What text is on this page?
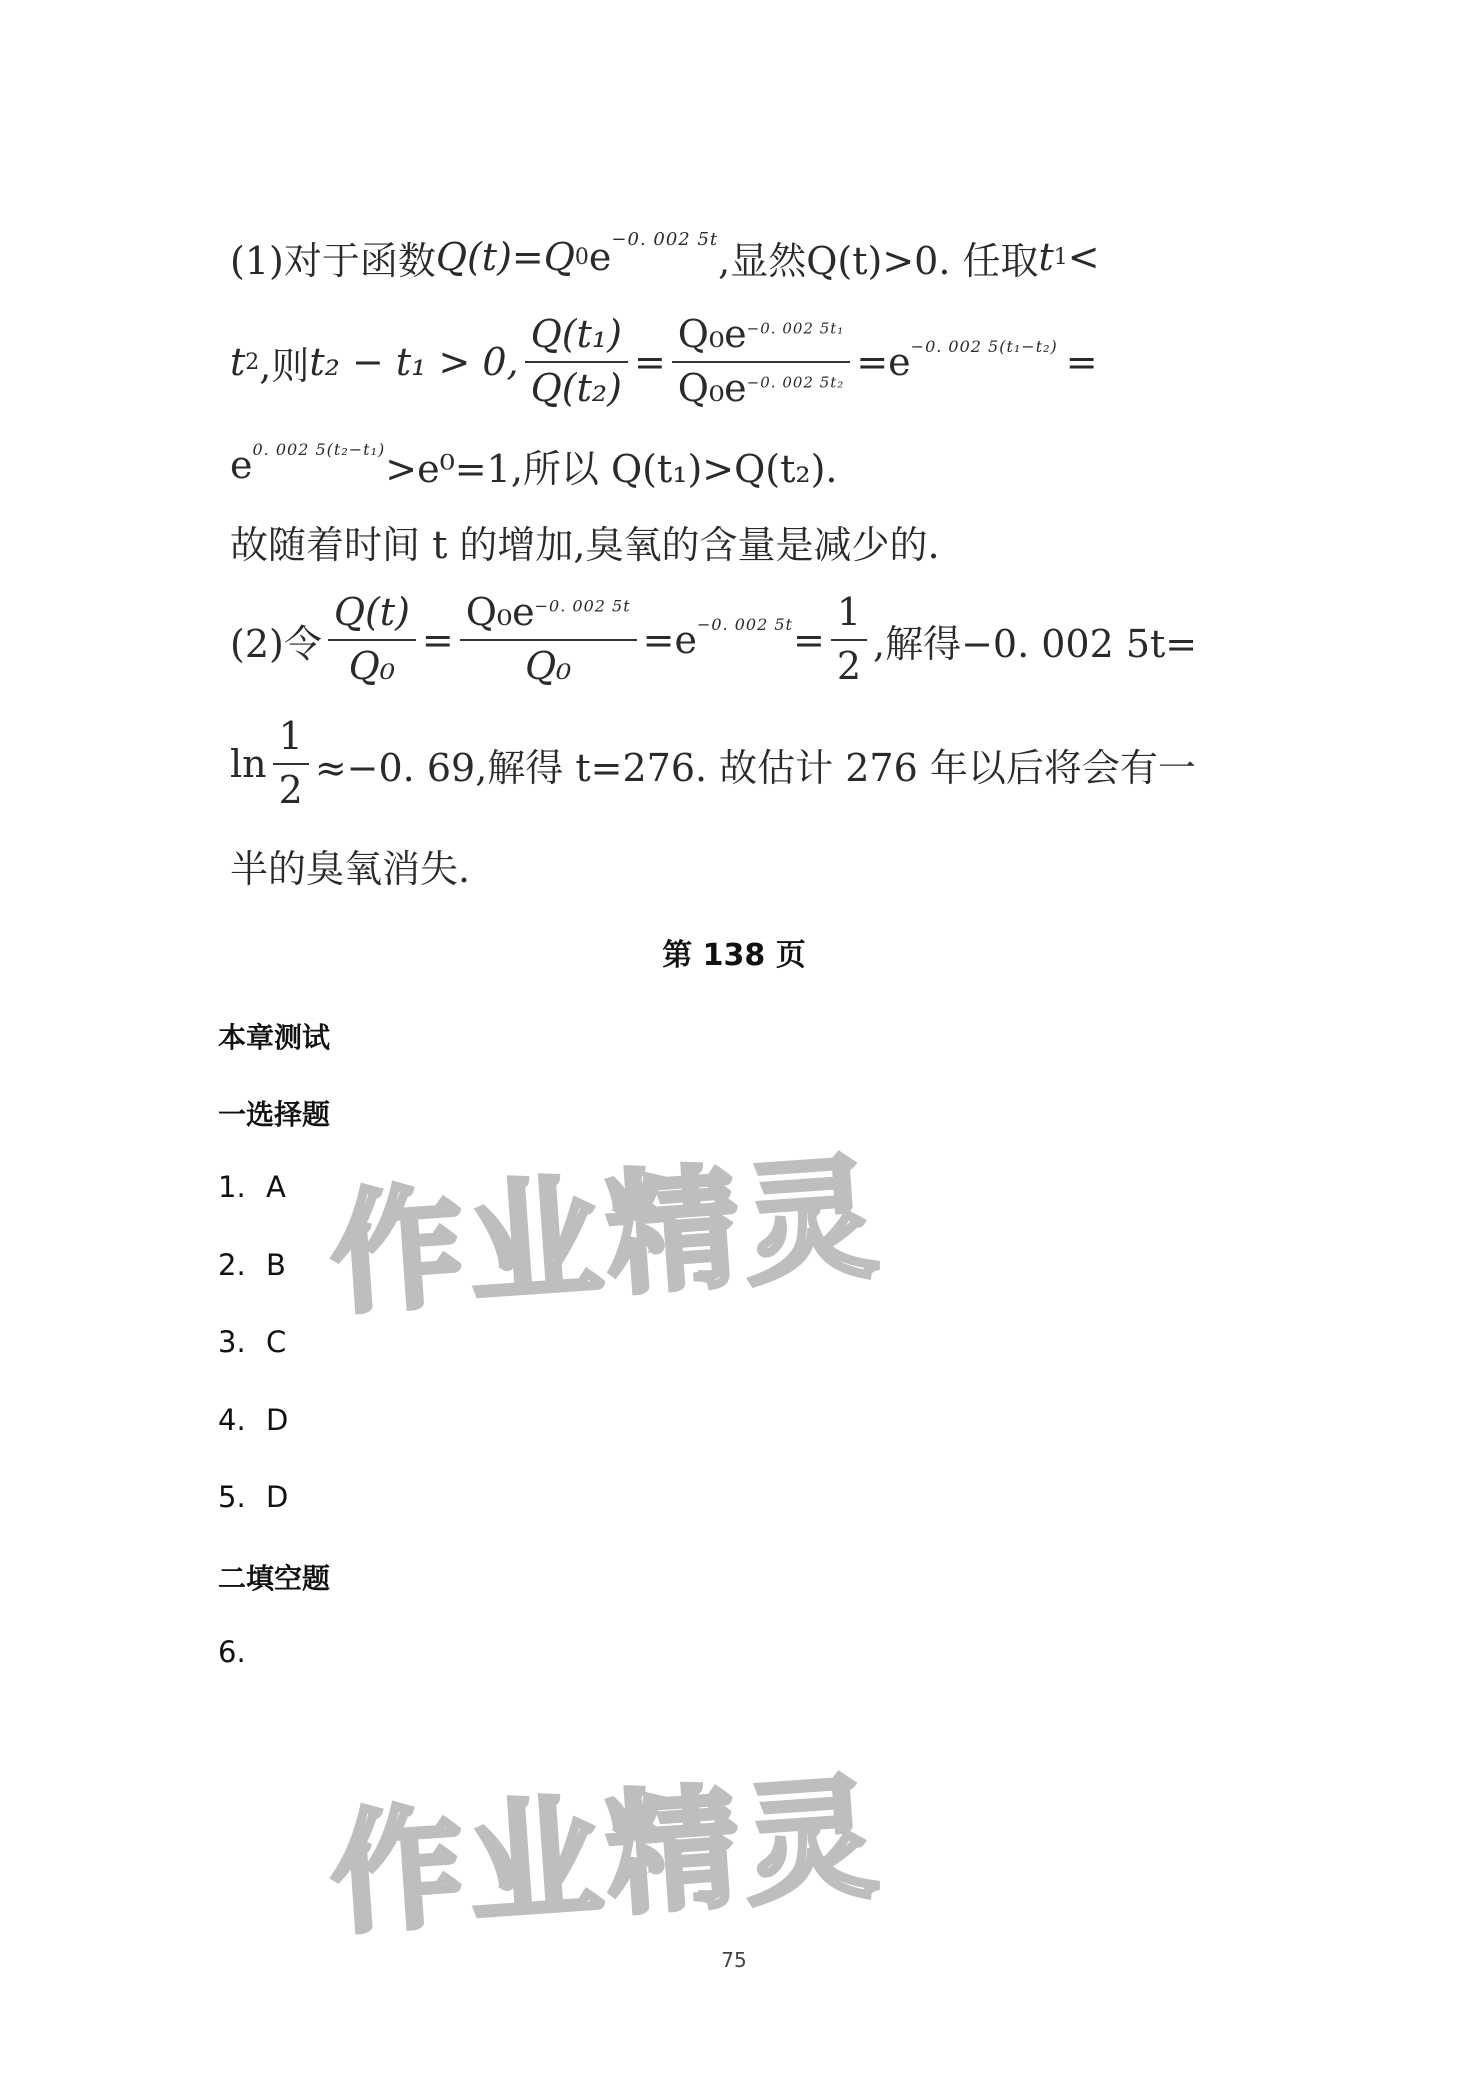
(1)对于函数 Q(t) = Q 0 $e^{-0. 002 5t}$ ,显然 Q(t)>0. 任取 t 1 <
t 2 ,则 t₂ − t₁ > 0, $\frac{\text{Q(t₁)}}{\text{Q(t₂)}} = \frac{Q_0e^{-0. 002 5t_1}}{Q_0e^{-0. 002 5t_2}} = e^{-0. 002 5(t_1-t_2)}$ =
$e^{0. 002 5(t_2-t_1)} >e^0=1$,所以 Q(t₁)>Q(t₂).
故随着时间 t 的增加,臭氧的含量是减少的.
(2)令 $\frac{Q(t)}{\text{Q₀}} = \frac{Q_0e^{-0. 002 5t}}{\text{Q₀}} = e^{-0. 002 5t} = \frac{1}{2}$ ,解得−0. 002 5t=
$\ln \frac{1}{2} \approx-0$. 69,解得 t=276. 故估计 276 年以后将会有一
半的臭氧消失.
第 138 页
本章测试
一选择题
1. A
2. B
3. C
4. D
5. D
二填空题
6.
作业精灵
作业精灵
75
